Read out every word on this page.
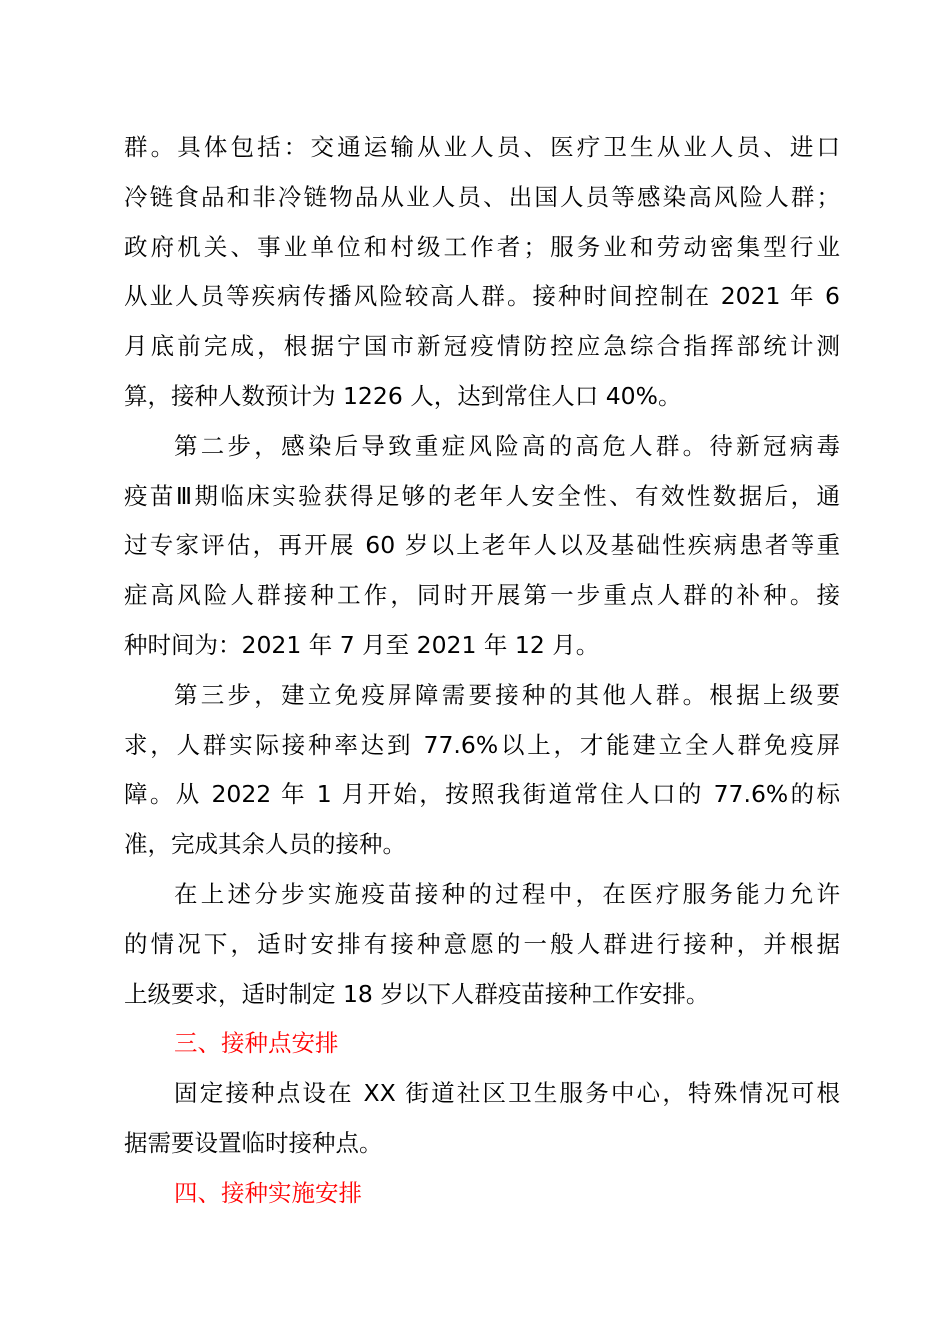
群。具体包括：交通运输从业人员、医疗卫生从业人员、进口
冷链食品和非冷链物品从业人员、出国人员等感染高风险人群；
政府机关、事业单位和村级工作者；服务业和劳动密集型行业
从业人员等疾病传播风险较高人群。接种时间控制在 2021 年 6
月底前完成，根据宁国市新冠疫情防控应急综合指挥部统计测
算，接种人数预计为 1226 人，达到常住人口 40%。
第二步，感染后导致重症风险高的高危人群。待新冠病毒
疫苗Ⅲ期临床实验获得足够的老年人安全性、有效性数据后，通
过专家评估，再开展 60 岁以上老年人以及基础性疾病患者等重
症高风险人群接种工作，同时开展第一步重点人群的补种。接
种时间为：2021 年 7 月至 2021 年 12 月。
第三步，建立免疫屏障需要接种的其他人群。根据上级要
求，人群实际接种率达到 77.6%以上，才能建立全人群免疫屏
障。从 2022 年 1 月开始，按照我街道常住人口的 77.6%的标
准，完成其余人员的接种。
在上述分步实施疫苗接种的过程中，在医疗服务能力允许
的情况下，适时安排有接种意愿的一般人群进行接种，并根据
上级要求，适时制定 18 岁以下人群疫苗接种工作安排。
三、接种点安排
固定接种点设在 XX 街道社区卫生服务中心，特殊情况可根
据需要设置临时接种点。
四、接种实施安排
